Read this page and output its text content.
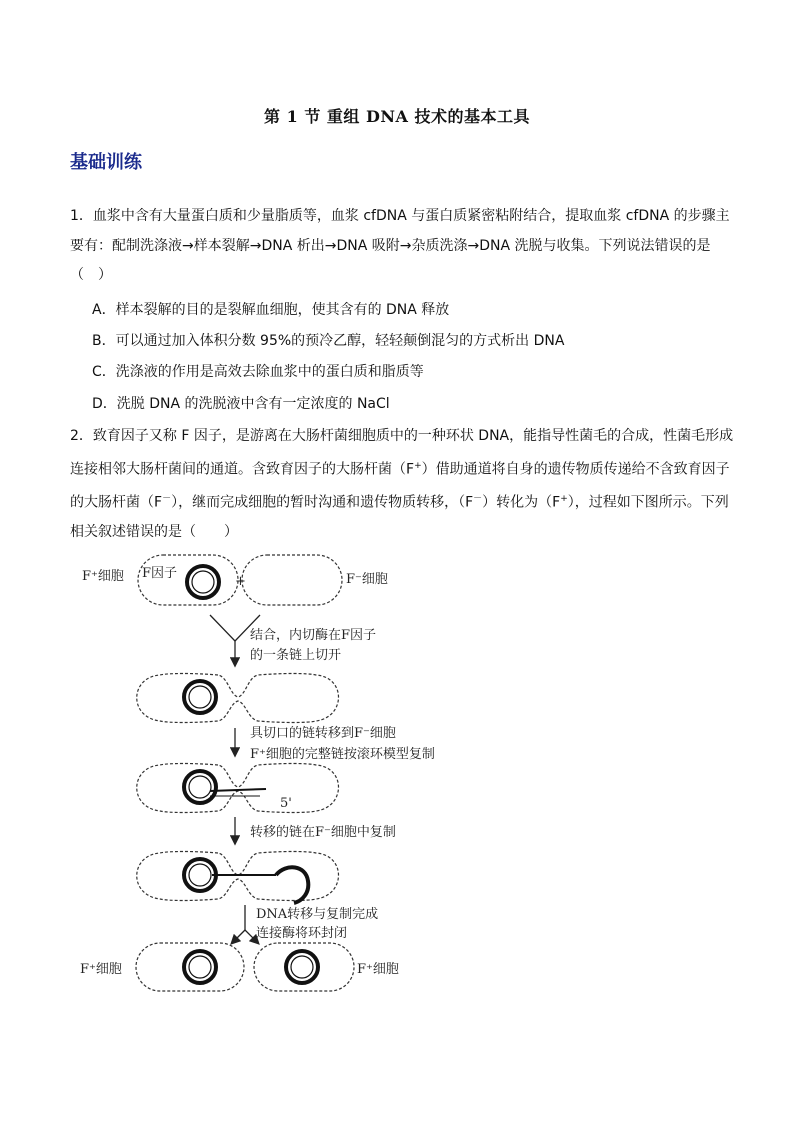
第 1 节 重组 DNA 技术的基本工具
基础训练
1．血浆中含有大量蛋白质和少量脂质等，血浆 cfDNA 与蛋白质紧密粘附结合，提取血浆 cfDNA 的步骤主要有：配制洗涤液→样本裂解→DNA 析出→DNA 吸附→杂质洗涤→DNA 洗脱与收集。下列说法错误的是（　）
A．样本裂解的目的是裂解血细胞，使其含有的 DNA 释放
B．可以通过加入体积分数 95%的预冷乙醇，轻轻颠倒混匀的方式析出 DNA
C．洗涤液的作用是高效去除血浆中的蛋白质和脂质等
D．洗脱 DNA 的洗脱液中含有一定浓度的 NaCl
2．致育因子又称 F 因子，是游离在大肠杆菌细胞质中的一种环状 DNA，能指导性菌毛的合成，性菌毛形成连接相邻大肠杆菌间的通道。含致育因子的大肠杆菌（F+）借助通道将自身的遗传物质传递给不含致育因子的大肠杆菌（F－），继而完成细胞的暂时沟通和遗传物质转移，（F－）转化为（F+），过程如下图所示。下列相关叙述错误的是（　　）
F⁺细胞 F因子
+	F⁻细胞
结合，内切酶在F因子
的一条链上切开
具切口的链转移到F⁻细胞
F⁺细胞的完整链按滚环模型复制
5'
转移的链在F⁻细胞中复制
DNA转移与复制完成
连接酶将环封闭
F⁺细胞	F⁺细胞
